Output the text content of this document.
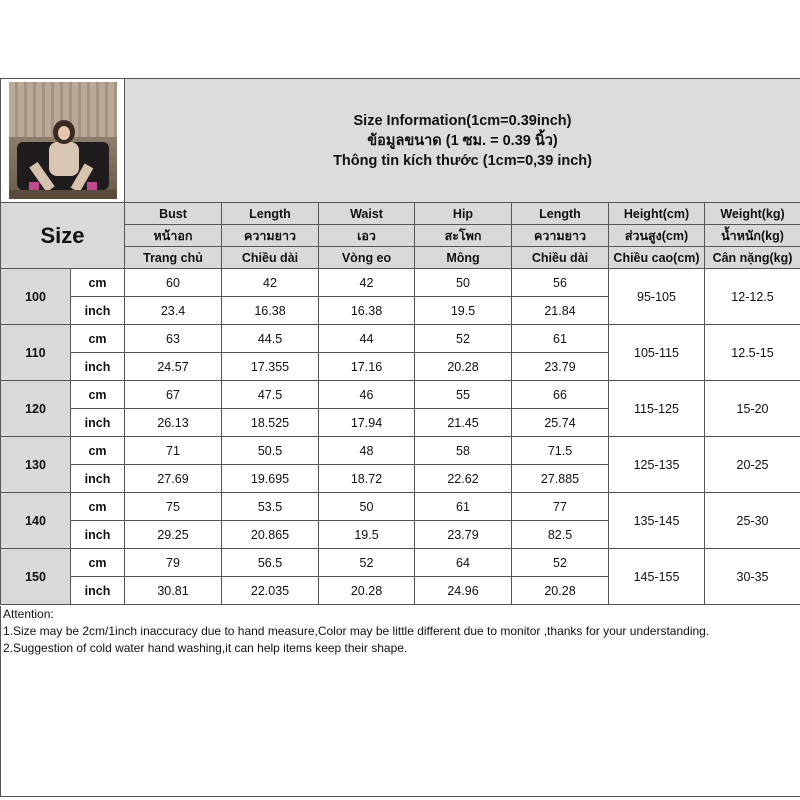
		Size Information(1cm=0.39inch)
ข้อมูลขนาด (1 ซม. = 0.39 นิ้ว)
Thông tin kích thước (1cm=0,39 inch)						

Size		Bust	Length	Waist	Hip	Length	Height(cm)	Weight(kg)
		หน้าอก	ความยาว	เอว	สะโพก	ความยาว	ส่วนสูง(cm)	น้ำหนัก(kg)
		Trang chủ	Chiều dài	Vòng eo	Mông	Chiều dài	Chiều cao(cm)	Cân nặng(kg)
100	cm	60	42	42	50	56	95-105	12-12.5
	inch	23.4	16.38	16.38	19.5	21.84		
110	cm	63	44.5	44	52	61	105-115	12.5-15
	inch	24.57	17.355	17.16	20.28	23.79		
120	cm	67	47.5	46	55	66	115-125	15-20
	inch	26.13	18.525	17.94	21.45	25.74		
130	cm	71	50.5	48	58	71.5	125-135	20-25
	inch	27.69	19.695	18.72	22.62	27.885		
140	cm	75	53.5	50	61	77	135-145	25-30
	inch	29.25	20.865	19.5	23.79	82.5		
150	cm	79	56.5	52	64	52	145-155	30-35
	inch	30.81	22.035	20.28	24.96	20.28		
Attention:
1.Size may be 2cm/1inch inaccuracy due to hand measure,Color may be little different due to monitor ,thanks for your understanding.
2.Suggestion of cold water hand washing,it can help items keep their shape.
